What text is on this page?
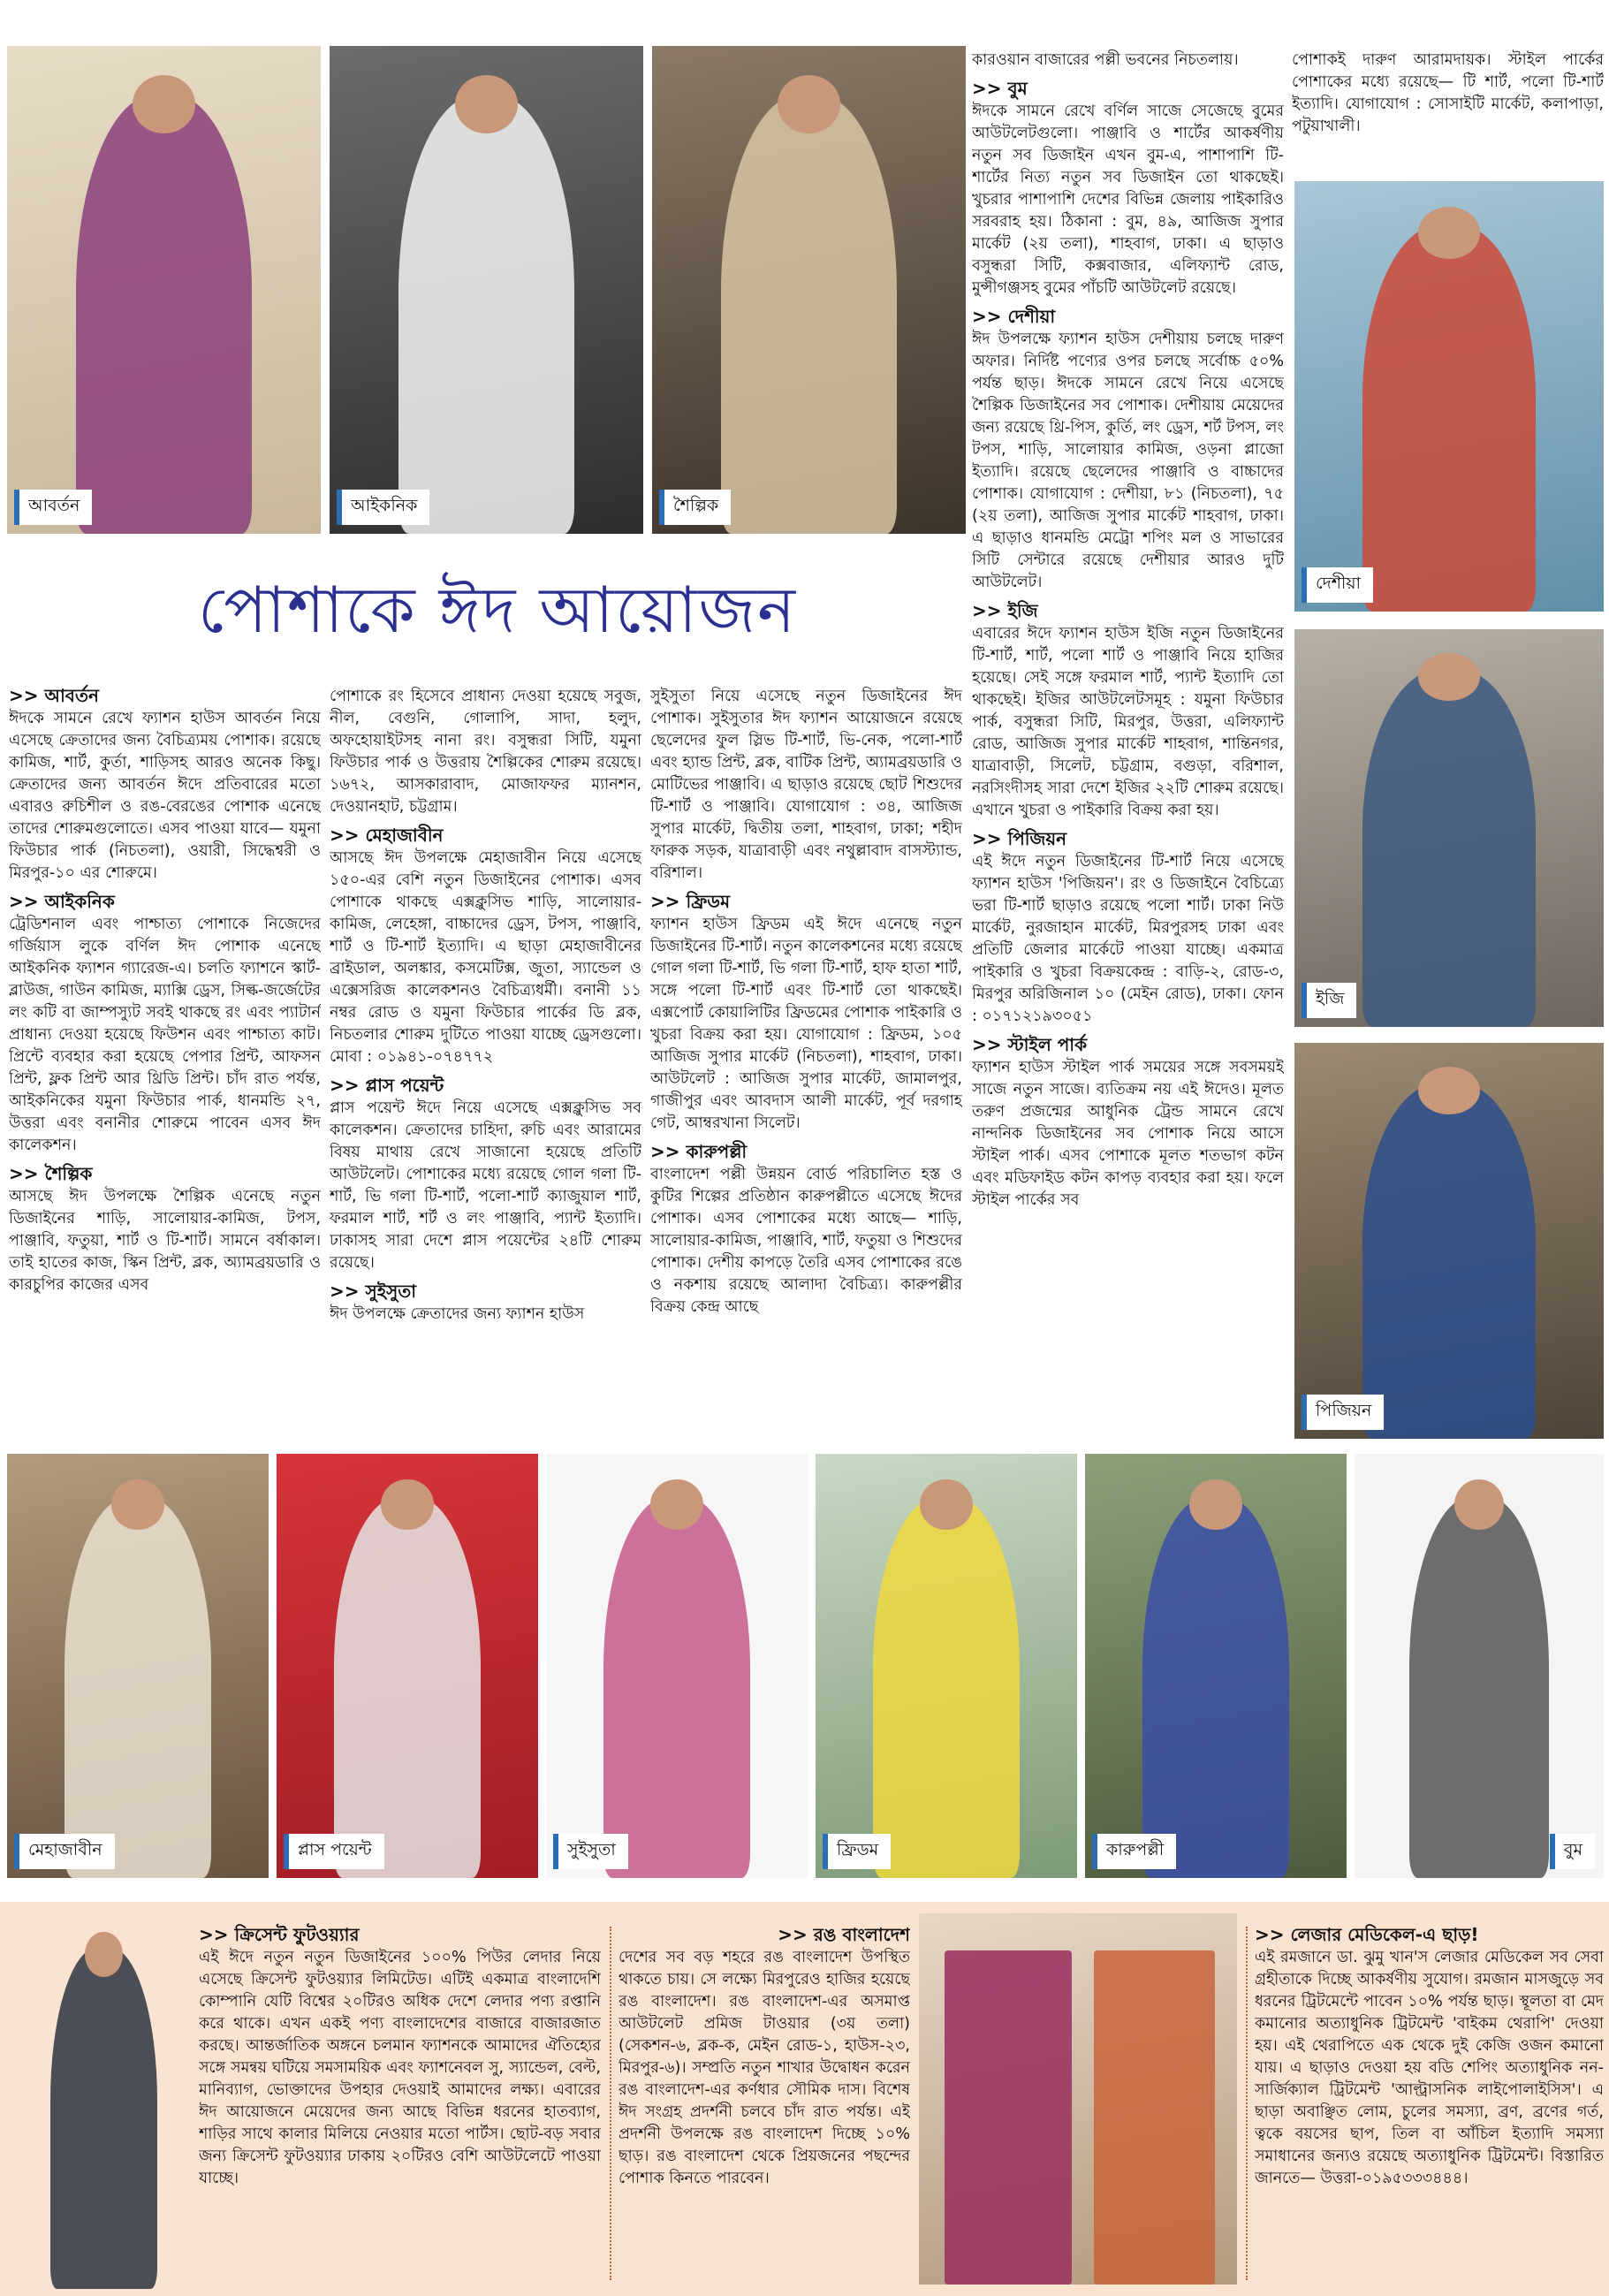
আবর্তন	আইকনিক	শৈল্পিক
পোশাকে ঈদ আয়োজন
>> আবর্তন

ঈদকে সামনে রেখে ফ্যাশন হাউস আবর্তন নিয়ে এসেছে ক্রেতাদের জন্য বৈচিত্র্যময় পোশাক। রয়েছে কামিজ, শার্ট, কুর্তা, শাড়িসহ আরও অনেক কিছু। ক্রেতাদের জন্য আবর্তন ঈদে প্রতিবারের মতো এবারও রুচিশীল ও রঙ-বেরঙের পোশাক এনেছে তাদের শোরুমগুলোতে। এসব পাওয়া যাবে— যমুনা ফিউচার পার্ক (নিচতলা), ওয়ারী, সিদ্ধেশ্বরী ও মিরপুর-১০ এর শোরুমে।

>> আইকনিক

ট্রেডিশনাল এবং পাশ্চাত্য পোশাকে নিজেদের গর্জিয়াস লুকে বর্ণিল ঈদ পোশাক এনেছে আইকনিক ফ্যাশন গ্যারেজ-এ। চলতি ফ্যাশনে স্কার্ট-ব্লাউজ, গাউন কামিজ, ম্যাক্সি ড্রেস, সিল্ক-জর্জেটের লং কটি বা জাম্পস্যুট সবই থাকছে রং এবং প্যাটার্ন প্রাধান্য দেওয়া হয়েছে ফিউশন এবং পাশ্চাত্য কাট। প্রিন্টে ব্যবহার করা হয়েছে পেপার প্রিন্ট, আফসন প্রিন্ট, ফ্লক প্রিন্ট আর থ্রিডি প্রিন্ট। চাঁদ রাত পর্যন্ত, আইকনিকের যমুনা ফিউচার পার্ক, ধানমন্ডি ২৭, উত্তরা এবং বনানীর শোরুমে পাবেন এসব ঈদ কালেকশন।

>> শৈল্পিক

আসছে ঈদ উপলক্ষে শৈল্পিক এনেছে নতুন ডিজাইনের শাড়ি, সালোয়ার-কামিজ, টপস, পাঞ্জাবি, ফতুয়া, শার্ট ও টি-শার্ট। সামনে বর্ষাকাল। তাই হাতের কাজ, স্কিন প্রিন্ট, ব্লক, অ্যামব্রয়ডারি ও কারচুপির কাজের এসব

পোশাকে রং হিসেবে প্রাধান্য দেওয়া হয়েছে সবুজ, নীল, বেগুনি, গোলাপি, সাদা, হলুদ, অফহোয়াইটসহ নানা রং। বসুন্ধরা সিটি, যমুনা ফিউচার পার্ক ও উত্তরায় শৈল্পিকের শোরুম রয়েছে। ১৬৭২, আসকারাবাদ, মোজাফফর ম্যানশন, দেওয়ানহাট, চট্টগ্রাম।

>> মেহাজাবীন

আসছে ঈদ উপলক্ষে মেহাজাবীন নিয়ে এসেছে ১৫০-এর বেশি নতুন ডিজাইনের পোশাক। এসব পোশাকে থাকছে এক্সক্লুসিভ শাড়ি, সালোয়ার-কামিজ, লেহেঙ্গা, বাচ্চাদের ড্রেস, টপস, পাঞ্জাবি, শার্ট ও টি-শার্ট ইত্যাদি। এ ছাড়া মেহাজাবীনের ব্রাইডাল, অলঙ্কার, কসমেটিক্স, জুতা, স্যান্ডেল ও এক্সেসরিজ কালেকশনও বৈচিত্র্যধর্মী। বনানী ১১ নম্বর রোড ও যমুনা ফিউচার পার্কের ডি ব্লক, নিচতলার শোরুম দুটিতে পাওয়া যাচ্ছে ড্রেসগুলো। মোবা : ০১৯৪১-০৭৪৭৭২

>> প্লাস পয়েন্ট

প্লাস পয়েন্ট ঈদে নিয়ে এসেছে এক্সক্লুসিভ সব কালেকশন। ক্রেতাদের চাহিদা, রুচি এবং আরামের বিষয় মাথায় রেখে সাজানো হয়েছে প্রতিটি আউটলেট। পোশাকের মধ্যে রয়েছে গোল গলা টি-শার্ট, ভি গলা টি-শার্ট, পলো-শার্ট ক্যাজুয়াল শার্ট, ফরমাল শার্ট, শর্ট ও লং পাঞ্জাবি, প্যান্ট ইত্যাদি। ঢাকাসহ সারা দেশে প্লাস পয়েন্টের ২৪টি শোরুম রয়েছে।

>> সুইসুতা

ঈদ উপলক্ষে ক্রেতাদের জন্য ফ্যাশন হাউস

সুইসুতা নিয়ে এসেছে নতুন ডিজাইনের ঈদ পোশাক। সুইসুতার ঈদ ফ্যাশন আয়োজনে রয়েছে ছেলেদের ফুল স্লিভ টি-শার্ট, ভি-নেক, পলো-শার্ট এবং হ্যান্ড প্রিন্ট, ব্লক, বাটিক প্রিন্ট, অ্যামব্রয়ডারি ও মোটিভের পাঞ্জাবি। এ ছাড়াও রয়েছে ছোট শিশুদের টি-শার্ট ও পাঞ্জাবি। যোগাযোগ : ৩৪, আজিজ সুপার মার্কেট, দ্বিতীয় তলা, শাহবাগ, ঢাকা; শহীদ ফারুক সড়ক, যাত্রাবাড়ী এবং নথুল্লাবাদ বাসস্ট্যান্ড, বরিশাল।

>> ফ্রিডম

ফ্যাশন হাউস ফ্রিডম এই ঈদে এনেছে নতুন ডিজাইনের টি-শার্ট। নতুন কালেকশনের মধ্যে রয়েছে গোল গলা টি-শার্ট, ভি গলা টি-শার্ট, হাফ হাতা শার্ট, সঙ্গে পলো টি-শার্ট এবং টি-শার্ট তো থাকছেই। এক্সপোর্ট কোয়ালিটির ফ্রিডমের পোশাক পাইকারি ও খুচরা বিক্রয় করা হয়। যোগাযোগ : ফ্রিডম, ১০৫ আজিজ সুপার মার্কেট (নিচতলা), শাহবাগ, ঢাকা। আউটলেট : আজিজ সুপার মার্কেট, জামালপুর, গাজীপুর এবং আবদাস আলী মার্কেট, পূর্ব দরগাহ গেট, আম্বরখানা সিলেট।

>> কারুপল্লী

বাংলাদেশ পল্লী উন্নয়ন বোর্ড পরিচালিত হস্ত ও কুটির শিল্পের প্রতিষ্ঠান কারুপল্লীতে এসেছে ঈদের পোশাক। এসব পোশাকের মধ্যে আছে— শাড়ি, সালোয়ার-কামিজ, পাঞ্জাবি, শার্ট, ফতুয়া ও শিশুদের পোশাক। দেশীয় কাপড়ে তৈরি এসব পোশাকের রঙে ও নকশায় রয়েছে আলাদা বৈচিত্র্য। কারুপল্লীর বিক্রয় কেন্দ্র আছে

কারওয়ান বাজারের পল্লী ভবনের নিচতলায়।

>> বুম

ঈদকে সামনে রেখে বর্ণিল সাজে সেজেছে বুমের আউটলেটগুলো। পাঞ্জাবি ও শার্টের আকর্ষণীয় নতুন সব ডিজাইন এখন বুম-এ, পাশাপাশি টি-শার্টের নিত্য নতুন সব ডিজাইন তো থাকছেই। খুচরার পাশাপাশি দেশের বিভিন্ন জেলায় পাইকারিও সরবরাহ হয়। ঠিকানা : বুম, ৪৯, আজিজ সুপার মার্কেট (২য় তলা), শাহবাগ, ঢাকা। এ ছাড়াও বসুন্ধরা সিটি, কক্সবাজার, এলিফ্যান্ট রোড, মুন্সীগঞ্জসহ বুমের পাঁচটি আউটলেট রয়েছে।

>> দেশীয়া

ঈদ উপলক্ষে ফ্যাশন হাউস দেশীয়ায় চলছে দারুণ অফার। নির্দিষ্ট পণ্যের ওপর চলছে সর্বোচ্চ ৫০% পর্যন্ত ছাড়। ঈদকে সামনে রেখে নিয়ে এসেছে শৈল্পিক ডিজাইনের সব পোশাক। দেশীয়ায় মেয়েদের জন্য রয়েছে থ্রি-পিস, কুর্তি, লং ড্রেস, শর্ট টপস, লং টপস, শাড়ি, সালোয়ার কামিজ, ওড়না প্লাজো ইত্যাদি। রয়েছে ছেলেদের পাঞ্জাবি ও বাচ্চাদের পোশাক। যোগাযোগ : দেশীয়া, ৮১ (নিচতলা), ৭৫ (২য় তলা), আজিজ সুপার মার্কেট শাহবাগ, ঢাকা। এ ছাড়াও ধানমন্ডি মেট্রো শপিং মল ও সাভারের সিটি সেন্টারে রয়েছে দেশীয়ার আরও দুটি আউটলেট।

>> ইজি

এবারের ঈদে ফ্যাশন হাউস ইজি নতুন ডিজাইনের টি-শার্ট, শার্ট, পলো শার্ট ও পাঞ্জাবি নিয়ে হাজির হয়েছে। সেই সঙ্গে ফরমাল শার্ট, প্যান্ট ইত্যাদি তো থাকছেই। ইজির আউটলেটসমূহ : যমুনা ফিউচার পার্ক, বসুন্ধরা সিটি, মিরপুর, উত্তরা, এলিফ্যান্ট রোড, আজিজ সুপার মার্কেট শাহবাগ, শান্তিনগর, যাত্রাবাড়ী, সিলেট, চট্টগ্রাম, বগুড়া, বরিশাল, নরসিংদীসহ সারা দেশে ইজির ২২টি শোরুম রয়েছে। এখানে খুচরা ও পাইকারি বিক্রয় করা হয়।

>> পিজিয়ন

এই ঈদে নতুন ডিজাইনের টি-শার্ট নিয়ে এসেছে ফ্যাশন হাউস 'পিজিয়ন'। রং ও ডিজাইনে বৈচিত্র্যে ভরা টি-শার্ট ছাড়াও রয়েছে পলো শার্ট। ঢাকা নিউ মার্কেট, নুরজাহান মার্কেট, মিরপুরসহ ঢাকা এবং প্রতিটি জেলার মার্কেটে পাওয়া যাচ্ছে। একমাত্র পাইকারি ও খুচরা বিক্রয়কেন্দ্র : বাড়ি-২, রোড-৩, মিরপুর অরিজিনাল ১০ (মেইন রোড), ঢাকা। ফোন : ০১৭১২১৯৩০৫১

>> স্টাইল পার্ক

ফ্যাশন হাউস স্টাইল পার্ক সময়ের সঙ্গে সবসময়ই সাজে নতুন সাজে। ব্যতিক্রম নয় এই ঈদেও। মূলত তরুণ প্রজন্মের আধুনিক ট্রেন্ড সামনে রেখে নান্দনিক ডিজাইনের সব পোশাক নিয়ে আসে স্টাইল পার্ক। এসব পোশাকে মূলত শতভাগ কটন এবং মডিফাইড কটন কাপড় ব্যবহার করা হয়। ফলে স্টাইল পার্কের সব

পোশাকই দারুণ আরামদায়ক। স্টাইল পার্কের পোশাকের মধ্যে রয়েছে— টি শার্ট, পলো টি-শার্ট ইত্যাদি। যোগাযোগ : সোসাইটি মার্কেট, কলাপাড়া, পটুয়াখালী।

দেশীয়া
ইজি
পিজিয়ন
মেহাজাবীন	প্লাস পয়েন্ট	সুইসুতা	ফ্রিডম	কারুপল্লী	বুম
>> ক্রিসেন্ট ফুটওয়্যার

এই ঈদে নতুন নতুন ডিজাইনের ১০০% পিউর লেদার নিয়ে এসেছে ক্রিসেন্ট ফুটওয়্যার লিমিটেড। এটিই একমাত্র বাংলাদেশি কোম্পানি যেটি বিশ্বের ২০টিরও অধিক দেশে লেদার পণ্য রপ্তানি করে থাকে। এখন একই পণ্য বাংলাদেশের বাজারে বাজারজাত করছে। আন্তর্জাতিক অঙ্গনে চলমান ফ্যাশনকে আমাদের ঐতিহ্যের সঙ্গে সমন্বয় ঘটিয়ে সমসাময়িক এবং ফ্যাশনেবল সু, স্যান্ডেল, বেল্ট, মানিব্যাগ, ভোক্তাদের উপহার দেওয়াই আমাদের লক্ষ্য। এবারের ঈদ আয়োজনে মেয়েদের জন্য আছে বিভিন্ন ধরনের হাতব্যাগ, শাড়ির সাথে কালার মিলিয়ে নেওয়ার মতো পার্টস। ছোট-বড় সবার জন্য ক্রিসেন্ট ফুটওয়্যার ঢাকায় ২০টিরও বেশি আউটলেটে পাওয়া যাচ্ছে।

>> রঙ বাংলাদেশ

দেশের সব বড় শহরে রঙ বাংলাদেশ উপস্থিত থাকতে চায়। সে লক্ষ্যে মিরপুরেও হাজির হয়েছে রঙ বাংলাদেশ। রঙ বাংলাদেশ-এর অসমাপ্ত আউটলেট প্রমিজ টাওয়ার (৩য় তলা) (সেকশন-৬, ব্লক-ক, মেইন রোড-১, হাউস-২৩, মিরপুর-৬)। সম্প্রতি নতুন শাখার উদ্বোধন করেন রঙ বাংলাদেশ-এর কর্ণধার সৌমিক দাস। বিশেষ ঈদ সংগ্রহ প্রদর্শনী চলবে চাঁদ রাত পর্যন্ত। এই প্রদর্শনী উপলক্ষে রঙ বাংলাদেশ দিচ্ছে ১০% ছাড়। রঙ বাংলাদেশ থেকে প্রিয়জনের পছন্দের পোশাক কিনতে পারবেন।

>> লেজার মেডিকেল-এ ছাড়!

এই রমজানে ডা. ঝুমু খান'স লেজার মেডিকেল সব সেবা গ্রহীতাকে দিচ্ছে আকর্ষণীয় সুযোগ। রমজান মাসজুড়ে সব ধরনের ট্রিটমেন্টে পাবেন ১০% পর্যন্ত ছাড়। স্থূলতা বা মেদ কমানোর অত্যাধুনিক ট্রিটমেন্ট 'বাইকম থেরাপি' দেওয়া হয়। এই থেরাপিতে এক থেকে দুই কেজি ওজন কমানো যায়। এ ছাড়াও দেওয়া হয় বডি শেপিং অত্যাধুনিক নন-সার্জিক্যাল ট্রিটমেন্ট 'আল্ট্রাসনিক লাইপোলাইসিস'। এ ছাড়া অবাঞ্ছিত লোম, চুলের সমস্যা, ব্রণ, ব্রণের গর্ত, ত্বকে বয়সের ছাপ, তিল বা আঁচিল ইত্যাদি সমস্যা সমাধানের জন্যও রয়েছে অত্যাধুনিক ট্রিটমেন্ট। বিস্তারিত জানতে— উত্তরা-০১৯৫৩৩৩৪৪৪।
